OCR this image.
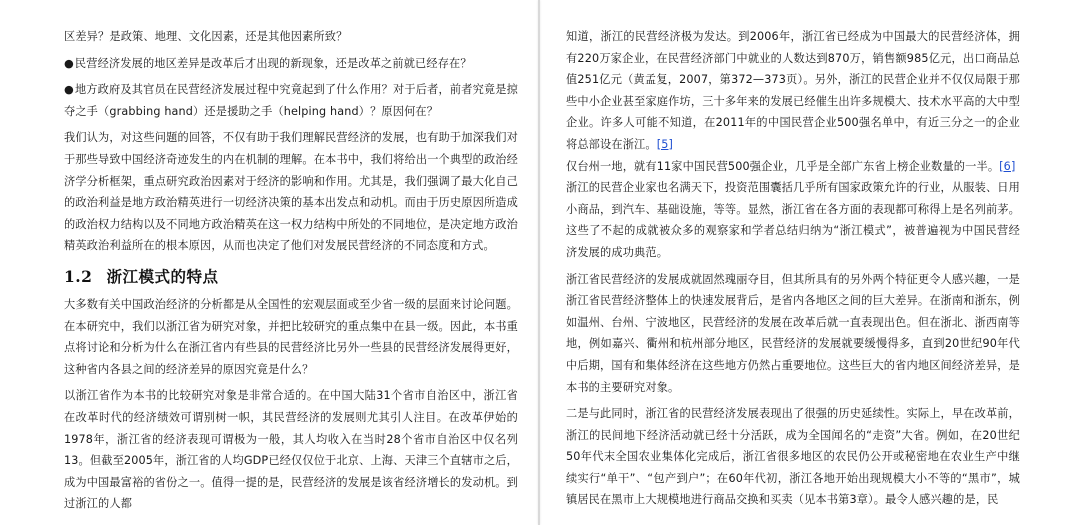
区差异？是政策、地理、文化因素，还是其他因素所致？

●民营经济发展的地区差异是改革后才出现的新现象，还是改革之前就已经存在？

●地方政府及其官员在民营经济发展过程中究竟起到了什么作用？对于后者，前者究竟是掠夺之手（grabbing hand）还是援助之手（helping hand）？原因何在？

我们认为，对这些问题的回答，不仅有助于我们理解民营经济的发展，也有助于加深我们对于那些导致中国经济奇迹发生的内在机制的理解。在本书中，我们将给出一个典型的政治经济学分析框架，重点研究政治因素对于经济的影响和作用。尤其是，我们强调了最大化自己的政治利益是地方政治精英进行一切经济决策的基本出发点和动机。而由于历史原因所造成的政治权力结构以及不同地方政治精英在这一权力结构中所处的不同地位，是决定地方政治精英政治利益所在的根本原因，从而也决定了他们对发展民营经济的不同态度和方式。

1.2 浙江模式的特点

大多数有关中国政治经济的分析都是从全国性的宏观层面或至少省一级的层面来讨论问题。在本研究中，我们以浙江省为研究对象，并把比较研究的重点集中在县一级。因此，本书重点将讨论和分析为什么在浙江省内有些县的民营经济比另外一些县的民营经济发展得更好，这种省内各县之间的经济差异的原因究竟是什么？

以浙江省作为本书的比较研究对象是非常合适的。在中国大陆31个省市自治区中，浙江省在改革时代的经济绩效可谓别树一帜，其民营经济的发展则尤其引人注目。在改革伊始的1978年，浙江省的经济表现可谓极为一般，其人均收入在当时28个省市自治区中仅名列13。但截至2005年，浙江省的人均GDP已经仅仅位于北京、上海、天津三个直辖市之后，成为中国最富裕的省份之一。值得一提的是，民营经济的发展是该省经济增长的发动机。到过浙江的人都

知道，浙江的民营经济极为发达。到2006年，浙江省已经成为中国最大的民营经济体，拥有220万家企业，在民营经济部门中就业的人数达到870万，销售额985亿元，出口商品总值251亿元（黄孟复，2007，第372—373页）。另外，浙江的民营企业并不仅仅局限于那些中小企业甚至家庭作坊，三十多年来的发展已经催生出许多规模大、技术水平高的大中型企业。许多人可能不知道，在2011年的中国民营企业500强名单中，有近三分之一的企业将总部设在浙江。[5]

仅台州一地，就有11家中国民营500强企业，几乎是全部广东省上榜企业数量的一半。[6]

浙江的民营企业家也名满天下，投资范围囊括几乎所有国家政策允许的行业，从服装、日用小商品，到汽车、基础设施，等等。显然，浙江省在各方面的表现都可称得上是名列前茅。这些了不起的成就被众多的观察家和学者总结归纳为“浙江模式”，被普遍视为中国民营经济发展的成功典范。

浙江省民营经济的发展成就固然瑰丽夺目，但其所具有的另外两个特征更令人感兴趣，一是浙江省民营经济整体上的快速发展背后，是省内各地区之间的巨大差异。在浙南和浙东，例如温州、台州、宁波地区，民营经济的发展在改革后就一直表现出色。但在浙北、浙西南等地，例如嘉兴、衢州和杭州部分地区，民营经济的发展就要缓慢得多，直到20世纪90年代中后期，国有和集体经济在这些地方仍然占重要地位。这些巨大的省内地区间经济差异，是本书的主要研究对象。

二是与此同时，浙江省的民营经济发展表现出了很强的历史延续性。实际上，早在改革前，浙江的民间地下经济活动就已经十分活跃，成为全国闻名的“走资”大省。例如，在20世纪50年代末全国农业集体化完成后，浙江省很多地区的农民仍公开或秘密地在农业生产中继续实行“单干”、“包产到户”；在60年代初，浙江各地开始出现规模大小不等的“黑市”，城镇居民在黑市上大规模地进行商品交换和买卖（见本书第3章）。最令人感兴趣的是，民
